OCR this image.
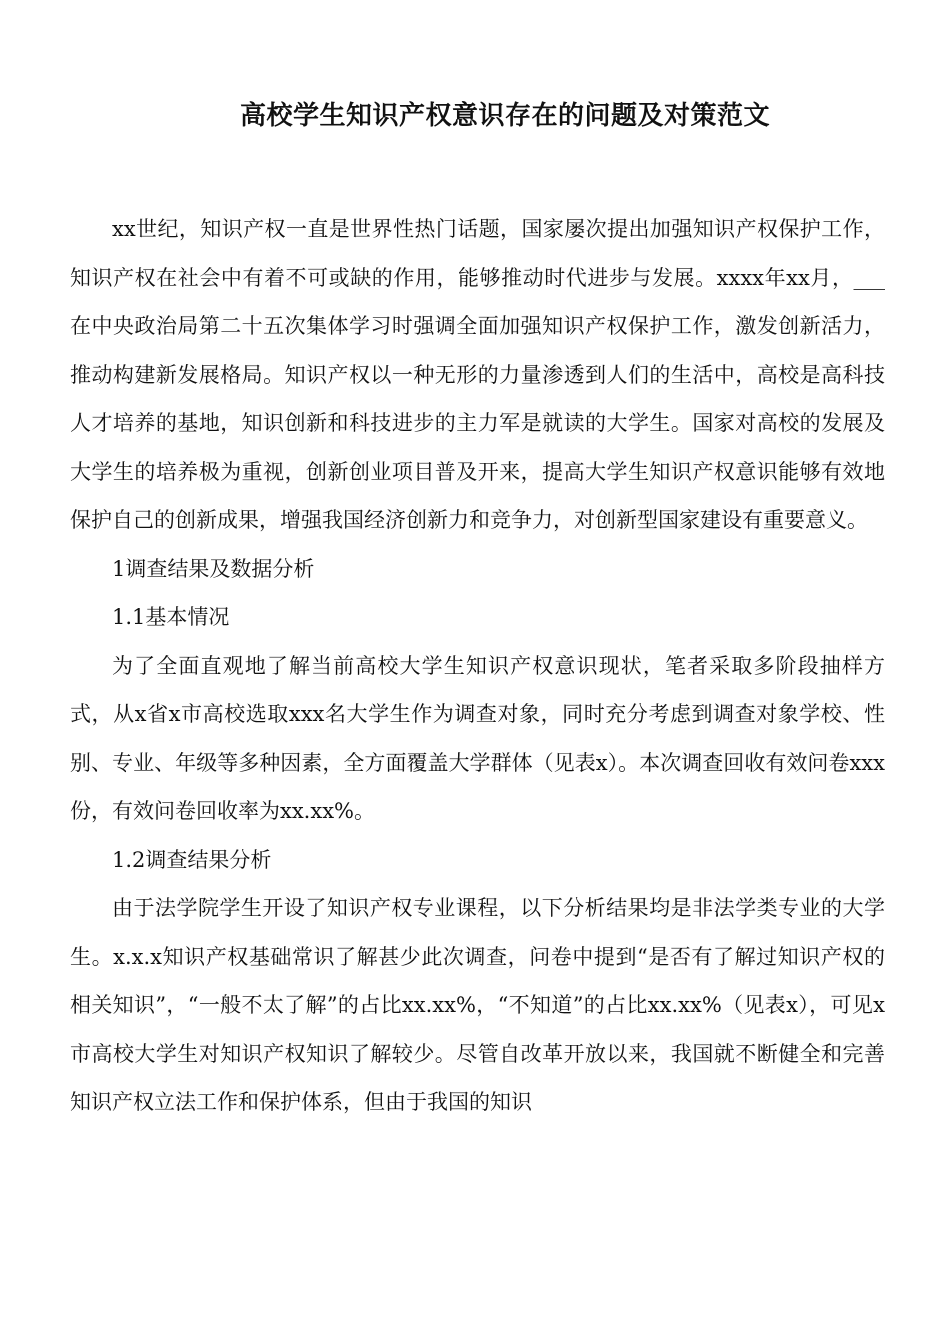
高校学生知识产权意识存在的问题及对策范文

xx世纪，知识产权一直是世界性热门话题，国家屡次提出加强知识产权保护工作，知识产权在社会中有着不可或缺的作用，能够推动时代进步与发展。xxxx年xx月，___在中央政治局第二十五次集体学习时强调全面加强知识产权保护工作，激发创新活力，推动构建新发展格局。知识产权以一种无形的力量渗透到人们的生活中，高校是高科技人才培养的基地，知识创新和科技进步的主力军是就读的大学生。国家对高校的发展及大学生的培养极为重视，创新创业项目普及开来，提高大学生知识产权意识能够有效地保护自己的创新成果，增强我国经济创新力和竞争力，对创新型国家建设有重要意义。

1调查结果及数据分析

1.1基本情况

为了全面直观地了解当前高校大学生知识产权意识现状，笔者采取多阶段抽样方式，从x省x市高校选取xxx名大学生作为调查对象，同时充分考虑到调查对象学校、性别、专业、年级等多种因素，全方面覆盖大学群体（见表x）。本次调查回收有效问卷xxx份，有效问卷回收率为xx.xx%。

1.2调查结果分析

由于法学院学生开设了知识产权专业课程，以下分析结果均是非法学类专业的大学生。x.x.x知识产权基础常识了解甚少此次调查，问卷中提到“是否有了解过知识产权的相关知识”，“一般不太了解”的占比xx.xx%，“不知道”的占比xx.xx%（见表x），可见x市高校大学生对知识产权知识了解较少。尽管自改革开放以来，我国就不断健全和完善知识产权立法工作和保护体系，但由于我国的知识
